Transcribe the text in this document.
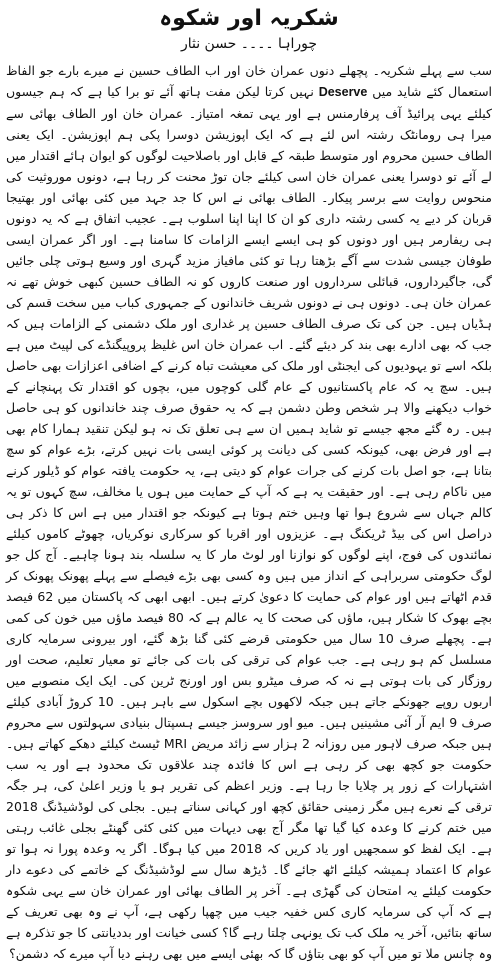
شکریہ اور شکوہ
چوراہا ۔۔۔۔ حسن نثار
سب سے پہلے شکریہ۔ پچھلے دنوں عمران خان اور اب الطاف حسین نے میرے بارے جو الفاظ استعمال کئے شاید میں Deserve نہیں کرتا لیکن مفت ہاتھ آئے تو برا کیا ہے کہ ہم جیسوں کیلئے یہی پرائیڈ آف پرفارمنس ہے اور یہی تمغہ امتیاز۔ عمران خان اور الطاف بھائی سے میرا ہی رومانٹک رشتہ اس لئے ہے کہ ایک اپوزیشن دوسرا پکی ہم اپوزیشن۔ ایک یعنی الطاف حسین محروم اور متوسط طبقہ کے قابل اور باصلاحیت لوگوں کو ایوان ہائے اقتدار میں لے آئے تو دوسرا یعنی عمران خان اسی کیلئے جان توڑ محنت کر رہا ہے، دونوں موروثیت کی منحوس روایت سے برسر پیکار۔ الطاف بھائی نے اس کا جد جہد میں کئی بھائی اور بھتیجا قربان کر دیے یہ کسی رشتہ داری کو ان کا اپنا اپنا اسلوب ہے۔ عجیب اتفاق ہے کہ یہ دونوں ہی ریفارمر ہیں اور دونوں کو ہی ایسے ایسے الزامات کا سامنا ہے۔ اور اگر عمران ایسی طوفان جیسی شدت سے آگے بڑھتا رہا تو کئی مافیاز مزید گہری اور وسیع ہوتی چلی جائیں گی، جاگیرداروں، قبائلی سرداروں اور صنعت کاروں کو نہ الطاف حسین کبھی خوش تھے نہ عمران خان ہی۔ دونوں ہی نے دونوں شریف خاندانوں کے جمہوری کباب میں سخت قسم کی ہڈیاں ہیں۔ جن کی تک صرف الطاف حسین پر غداری اور ملک دشمنی کے الزامات ہیں کہ جب کہ بھی ادارے بھی بند کر دیئے گئے۔ اب عمران خان اس غلیظ پروپیگنڈے کی لپیٹ میں ہے بلکہ اسے تو یہودیوں کی ایجنٹی اور ملک کی معیشت تباہ کرنے کے اضافی اعزازات بھی حاصل ہیں۔ سچ یہ کہ عام پاکستانیوں کے عام گلی کوچوں میں، بچوں کو اقتدار تک پہنچانے کے خواب دیکھنے والا ہر شخص وطن دشمن ہے کہ یہ حقوق صرف چند خاندانوں کو ہی حاصل ہیں۔ رہ گئے مجھ جیسے تو شاید ہمیں ان سے ہی تعلق تک نہ ہو لیکن تنقید ہمارا کام بھی ہے اور فرض بھی، کیونکہ کسی کی دیانت پر کوئی ایسی بات نہیں کرتے، بڑے عوام کو سچ بتانا ہے، جو اصل بات کرنے کی جرات عوام کو دیتی ہے، یہ حکومت یافتہ عوام کو ڈیلور کرنے میں ناکام رہی ہے۔ اور حقیقت یہ ہے کہ آپ کے حمایت میں ہوں یا مخالف، سچ کہوں تو یہ کالم جہاں سے شروع ہوا تھا وہیں ختم ہوتا ہے کیونکہ جو اقتدار میں ہے اس کا ذکر ہی دراصل اس کی بیڈ ٹریکنگ ہے۔ عزیزوں اور اقربا کو سرکاری نوکریاں، چھوٹے کاموں کیلئے نمائندوں کی فوج، اپنے لوگوں کو نوازنا اور لوٹ مار کا یہ سلسلہ بند ہونا چاہیے۔ آج کل جو لوگ حکومتی سربراہی کے انداز میں ہیں وہ کسی بھی بڑے فیصلے سے پہلے پھونک پھونک کر قدم اٹھاتے ہیں اور عوام کی حمایت کا دعویٰ کرتے ہیں۔ ابھی ابھی کہ پاکستان میں 62 فیصد بچے بھوک کا شکار ہیں، ماؤں کی صحت کا یہ عالم ہے کہ 80 فیصد ماؤں میں خون کی کمی ہے۔ پچھلے صرف 10 سال میں حکومتی قرضے کئی گنا بڑھ گئے، اور بیرونی سرمایہ کاری مسلسل کم ہو رہی ہے۔ جب عوام کی ترقی کی بات کی جائے تو معیار تعلیم، صحت اور روزگار کی بات ہوتی ہے نہ کہ صرف میٹرو بس اور اورنج ٹرین کی۔ ایک ایک منصوبے میں اربوں روپے جھونکے جاتے ہیں جبکہ لاکھوں بچے اسکول سے باہر ہیں۔ 10 کروڑ آبادی کیلئے صرف 9 ایم آر آئی مشینیں ہیں۔ میو اور سروسز جیسے ہسپتال بنیادی سہولتوں سے محروم ہیں جبکہ صرف لاہور میں روزانہ 2 ہزار سے زائد مریض MRI ٹیسٹ کیلئے دھکے کھاتے ہیں۔ حکومت جو کچھ بھی کر رہی ہے اس کا فائدہ چند علاقوں تک محدود ہے اور یہ سب اشتہارات کے زور پر چلایا جا رہا ہے۔ وزیر اعظم کی تقریر ہو یا وزیر اعلیٰ کی، ہر جگہ ترقی کے نعرے ہیں مگر زمینی حقائق کچھ اور کہانی سناتے ہیں۔ بجلی کی لوڈشیڈنگ 2018 میں ختم کرنے کا وعدہ کیا گیا تھا مگر آج بھی دیہات میں کئی کئی گھنٹے بجلی غائب رہتی ہے۔ ایک لفظ کو سمجھیں اور یاد کریں کہ 2018 میں کیا ہوگا۔ اگر یہ وعدہ پورا نہ ہوا تو عوام کا اعتماد ہمیشہ کیلئے اٹھ جائے گا۔ ڈیڑھ سال سے لوڈشیڈنگ کے خاتمے کی دعوے دار حکومت کیلئے یہ امتحان کی گھڑی ہے۔ آخر پر الطاف بھائی اور عمران خان سے یہی شکوہ ہے کہ آپ کی سرمایہ کاری کس خفیہ جیب میں چھپا رکھی ہے، آپ نے وہ بھی تعریف کے ساتھ بتائیں، آخر یہ ملک کب تک یونہی چلتا رہے گا؟ کسی خیانت اور بددیانتی کا جو تذکرہ ہے وہ چانس ملا تو میں آپ کو بھی بتاؤں گا کہ بھئی ایسے میں بھی رہنے دیا آپ میرے کہ دشمن؟
